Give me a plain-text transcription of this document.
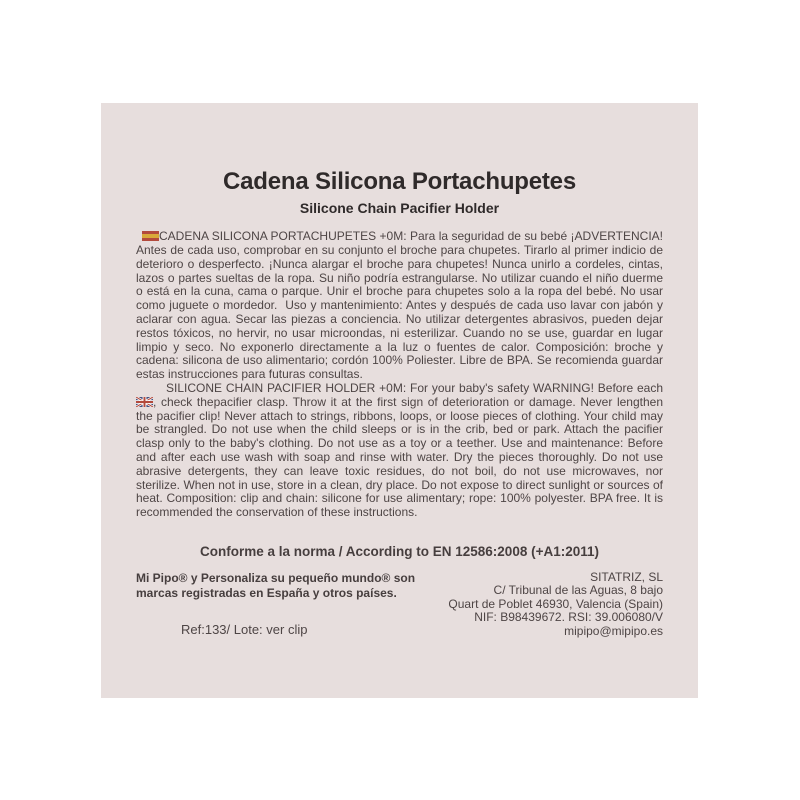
Cadena Silicona Portachupetes
Silicone Chain Pacifier Holder

CADENA SILICONA PORTACHUPETES +0M: Para la seguridad de su bebé ¡ADVERTENCIA! Antes de cada uso, comprobar en su conjunto el broche para chupetes. Tirarlo al primer indicio de deterioro o desperfecto. ¡Nunca alargar el broche para chupetes! Nunca unirlo a cordeles, cintas, lazos o partes sueltas de la ropa. Su niño podría estrangularse. No utilizar cuando el niño duerme o está en la cuna, cama o parque. Unir el broche para chupetes solo a la ropa del bebé. No usar como juguete o mordedor.  Uso y mantenimiento: Antes y después de cada uso lavar con jabón y aclarar con agua. Secar las piezas a conciencia. No utilizar detergentes abrasivos, pueden dejar restos tóxicos, no hervir, no usar microondas, ni esterilizar. Cuando no se use, guardar en lugar limpio y seco. No exponerlo directamente a la luz o fuentes de calor. Composición: broche y cadena: silicona de uso alimentario; cordón 100% Poliester. Libre de BPA. Se recomienda guardar estas instrucciones para futuras consultas.

SILICONE CHAIN PACIFIER HOLDER +0M: For your baby's safety WARNING! Before each
, check thepacifier clasp. Throw it at the first sign of deterioration or damage. Never lengthen the pacifier clip! Never attach to strings, ribbons, loops, or loose pieces of clothing. Your child may be strangled. Do not use when the child sleeps or is in the crib, bed or park. Attach the pacifier clasp only to the baby's clothing. Do not use as a toy or a teether. Use and maintenance: Before and after each use wash with soap and rinse with water. Dry the pieces thoroughly. Do not use abrasive detergents, they can leave toxic residues, do not boil, do not use microwaves, nor sterilize. When not in use, store in a clean, dry place. Do not expose to direct sunlight or sources of heat. Composition: clip and chain: silicone for use alimentary; rope: 100% polyester. BPA free. It is recommended the conservation of these instructions.

Conforme a la norma / According to EN 12586:2008 (+A1:2011)
Mi Pipo® y Personaliza su pequeño mundo® son marcas registradas en España y otros países.
Ref:133/ Lote: ver clip
SITATRIZ, SL
C/ Tribunal de las Aguas, 8 bajo
Quart de Poblet 46930, Valencia (Spain)
NIF: B98439672. RSI: 39.006080/V
mipipo@mipipo.es
